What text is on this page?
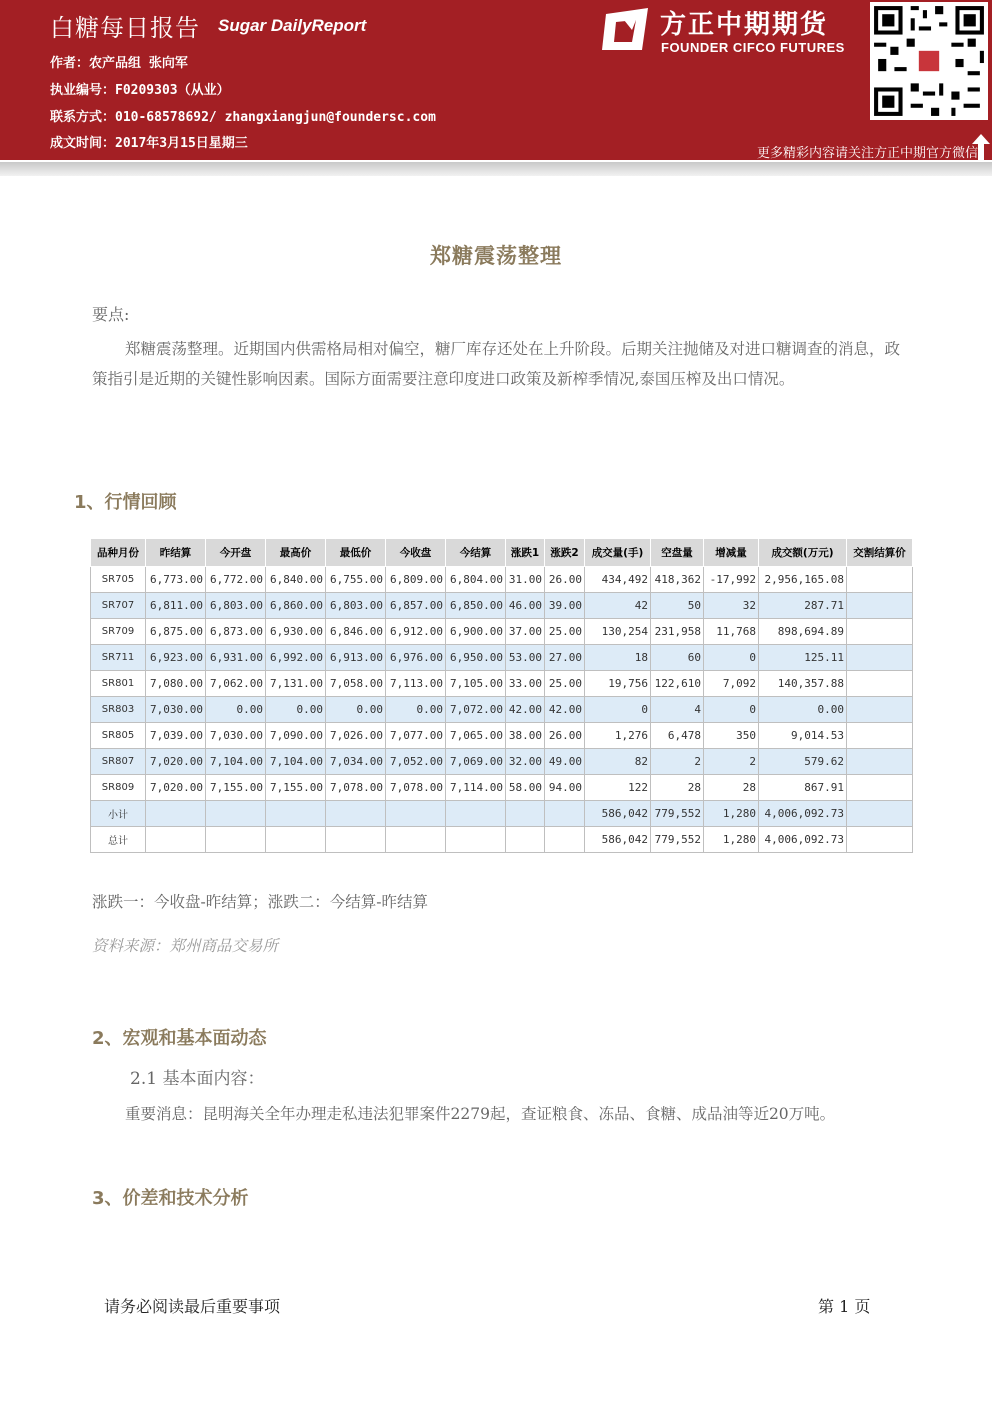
白糖每日报告 Sugar DailyReport
作者：农产品组 张向军
执业编号：F0209303（从业）
联系方式：010-68578692/ zhangxiangjun@foundersc.com
成文时间：2017年3月15日星期三
方正中期期货
FOUNDER CIFCO FUTURES
更多精彩内容请关注方正中期官方微信
郑糖震荡整理
要点:
郑糖震荡整理。近期国内供需格局相对偏空，糖厂库存还处在上升阶段。后期关注抛储及对进口糖调查的消息，政策指引是近期的关键性影响因素。国际方面需要注意印度进口政策及新榨季情况,泰国压榨及出口情况。
1、行情回顾
品种月份	昨结算	今开盘	最高价	最低价	今收盘	今结算	涨跌1	涨跌2	成交量(手)	空盘量	增减量	成交额(万元)	交割结算价
SR705	6,773.00	6,772.00	6,840.00	6,755.00	6,809.00	6,804.00	31.00	26.00	434,492	418,362	-17,992	2,956,165.08	
SR707	6,811.00	6,803.00	6,860.00	6,803.00	6,857.00	6,850.00	46.00	39.00	42	50	32	287.71	
SR709	6,875.00	6,873.00	6,930.00	6,846.00	6,912.00	6,900.00	37.00	25.00	130,254	231,958	11,768	898,694.89	
SR711	6,923.00	6,931.00	6,992.00	6,913.00	6,976.00	6,950.00	53.00	27.00	18	60	0	125.11	
SR801	7,080.00	7,062.00	7,131.00	7,058.00	7,113.00	7,105.00	33.00	25.00	19,756	122,610	7,092	140,357.88	
SR803	7,030.00	0.00	0.00	0.00	0.00	7,072.00	42.00	42.00	0	4	0	0.00	
SR805	7,039.00	7,030.00	7,090.00	7,026.00	7,077.00	7,065.00	38.00	26.00	1,276	6,478	350	9,014.53	
SR807	7,020.00	7,104.00	7,104.00	7,034.00	7,052.00	7,069.00	32.00	49.00	82	2	2	579.62	
SR809	7,020.00	7,155.00	7,155.00	7,078.00	7,078.00	7,114.00	58.00	94.00	122	28	28	867.91	
小计									586,042	779,552	1,280	4,006,092.73	
总计									586,042	779,552	1,280	4,006,092.73	
涨跌一：今收盘-昨结算；涨跌二：今结算-昨结算
资料来源：郑州商品交易所
2、宏观和基本面动态
2.1 基本面内容：
重要消息：昆明海关全年办理走私违法犯罪案件2279起，查证粮食、冻品、食糖、成品油等近20万吨。
3、价差和技术分析
请务必阅读最后重要事项	第 1 页
